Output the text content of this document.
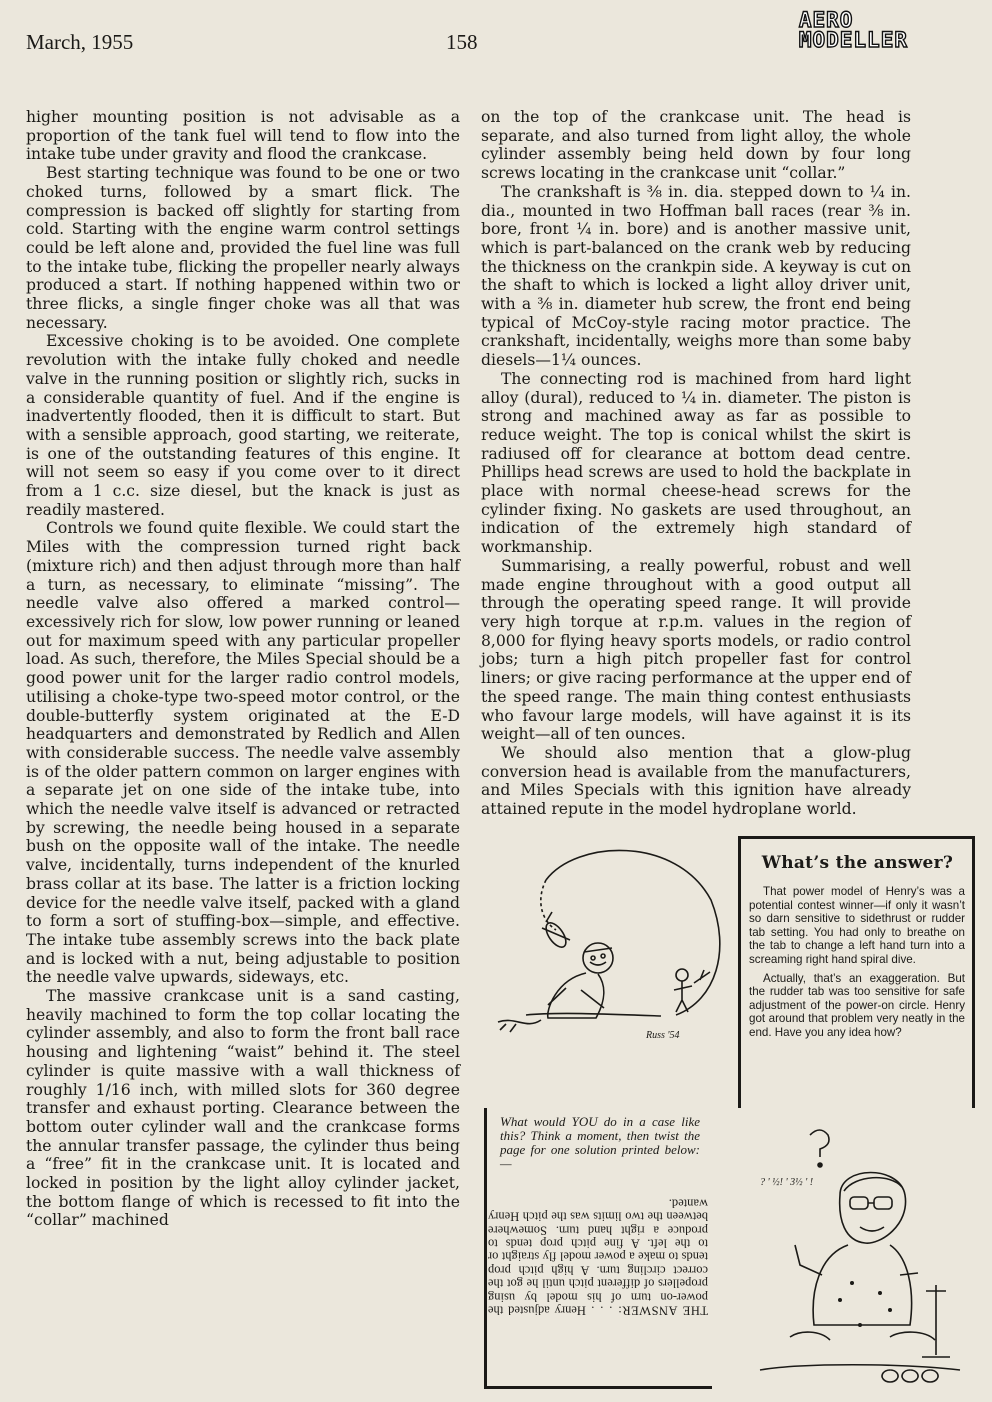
March, 1955	158
AERO
MODELLER

higher mounting position is not advisable as a proportion of the tank fuel will tend to flow into the intake tube under gravity and flood the crankcase.

Best starting technique was found to be one or two choked turns, followed by a smart flick. The compression is backed off slightly for starting from cold. Starting with the engine warm control settings could be left alone and, provided the fuel line was full to the intake tube, flicking the propeller nearly always produced a start. If nothing happened within two or three flicks, a single finger choke was all that was necessary.

Excessive choking is to be avoided. One complete revolution with the intake fully choked and needle valve in the running position or slightly rich, sucks in a considerable quantity of fuel. And if the engine is inadvertently flooded, then it is difficult to start. But with a sensible approach, good starting, we reiterate, is one of the outstanding features of this engine. It will not seem so easy if you come over to it direct from a 1 c.c. size diesel, but the knack is just as readily mastered.

Controls we found quite flexible. We could start the Miles with the compression turned right back (mixture rich) and then adjust through more than half a turn, as necessary, to eliminate “missing”. The needle valve also offered a marked control—excessively rich for slow, low power running or leaned out for maximum speed with any particular propeller load. As such, therefore, the Miles Special should be a good power unit for the larger radio control models, utilising a choke-type two-speed motor control, or the double-butterfly system originated at the E-D headquarters and demonstrated by Redlich and Allen with considerable success. The needle valve assembly is of the older pattern common on larger engines with a separate jet on one side of the intake tube, into which the needle valve itself is advanced or retracted by screwing, the needle being housed in a separate bush on the opposite wall of the intake. The needle valve, incidentally, turns independent of the knurled brass collar at its base. The latter is a friction locking device for the needle valve itself, packed with a gland to form a sort of stuffing-box—simple, and effective. The intake tube assembly screws into the back plate and is locked with a nut, being adjustable to position the needle valve upwards, sideways, etc.

The massive crankcase unit is a sand casting, heavily machined to form the top collar locating the cylinder assembly, and also to form the front ball race housing and lightening “waist” behind it. The steel cylinder is quite massive with a wall thickness of roughly 1/16 inch, with milled slots for 360 degree transfer and exhaust porting. Clearance between the bottom outer cylinder wall and the crankcase forms the annular transfer passage, the cylinder thus being a “free” fit in the crankcase unit. It is located and locked in position by the light alloy cylinder jacket, the bottom flange of which is recessed to fit into the “collar” machined

on the top of the crankcase unit. The head is separate, and also turned from light alloy, the whole cylinder assembly being held down by four long screws locating in the crankcase unit “collar.”

The crankshaft is ⅜ in. dia. stepped down to ¼ in. dia., mounted in two Hoffman ball races (rear ⅜ in. bore, front ¼ in. bore) and is another massive unit, which is part-balanced on the crank web by reducing the thickness on the crankpin side. A keyway is cut on the shaft to which is locked a light alloy driver unit, with a ⅜ in. diameter hub screw, the front end being typical of McCoy-style racing motor practice. The crankshaft, incidentally, weighs more than some baby diesels—1¼ ounces.

The connecting rod is machined from hard light alloy (dural), reduced to ¼ in. diameter. The piston is strong and machined away as far as possible to reduce weight. The top is conical whilst the skirt is radiused off for clearance at bottom dead centre. Phillips head screws are used to hold the backplate in place with normal cheese-head screws for the cylinder fixing. No gaskets are used throughout, an indication of the extremely high standard of workmanship.

Summarising, a really powerful, robust and well made engine throughout with a good output all through the operating speed range. It will provide very high torque at r.p.m. values in the region of 8,000 for flying heavy sports models, or radio control jobs; turn a high pitch propeller fast for control liners; or give racing performance at the upper end of the speed range. The main thing contest enthusiasts who favour large models, will have against it is its weight—all of ten ounces.

We should also mention that a glow-plug conversion head is available from the manufacturers, and Miles Specials with this ignition have already attained repute in the model hydroplane world.

Russ '54
What’s the answer?

That power model of Henry’s was a potential contest winner—if only it wasn’t so darn sensitive to sidethrust or rudder tab setting. You had only to breathe on the tab to change a left hand turn into a screaming right hand spiral dive.

Actually, that’s an exaggeration. But the rudder tab was too sensitive for safe adjustment of the power-on circle. Henry got around that problem very neatly in the end. Have you any idea how?

What would YOU do in a case like this? Think a moment, then twist the page for one solution printed below:—
THE ANSWER: . . . Henry adjusted the power-on turn of his model by using propellers of different pitch until he got the correct circling turn. A high pitch prop tends to make a power model fly straight or to the left. A fine pitch prop tends to produce a right hand turn. Somewhere between the two limits was the pitch Henry wanted.
? ' ½! ' 3½ ' !
